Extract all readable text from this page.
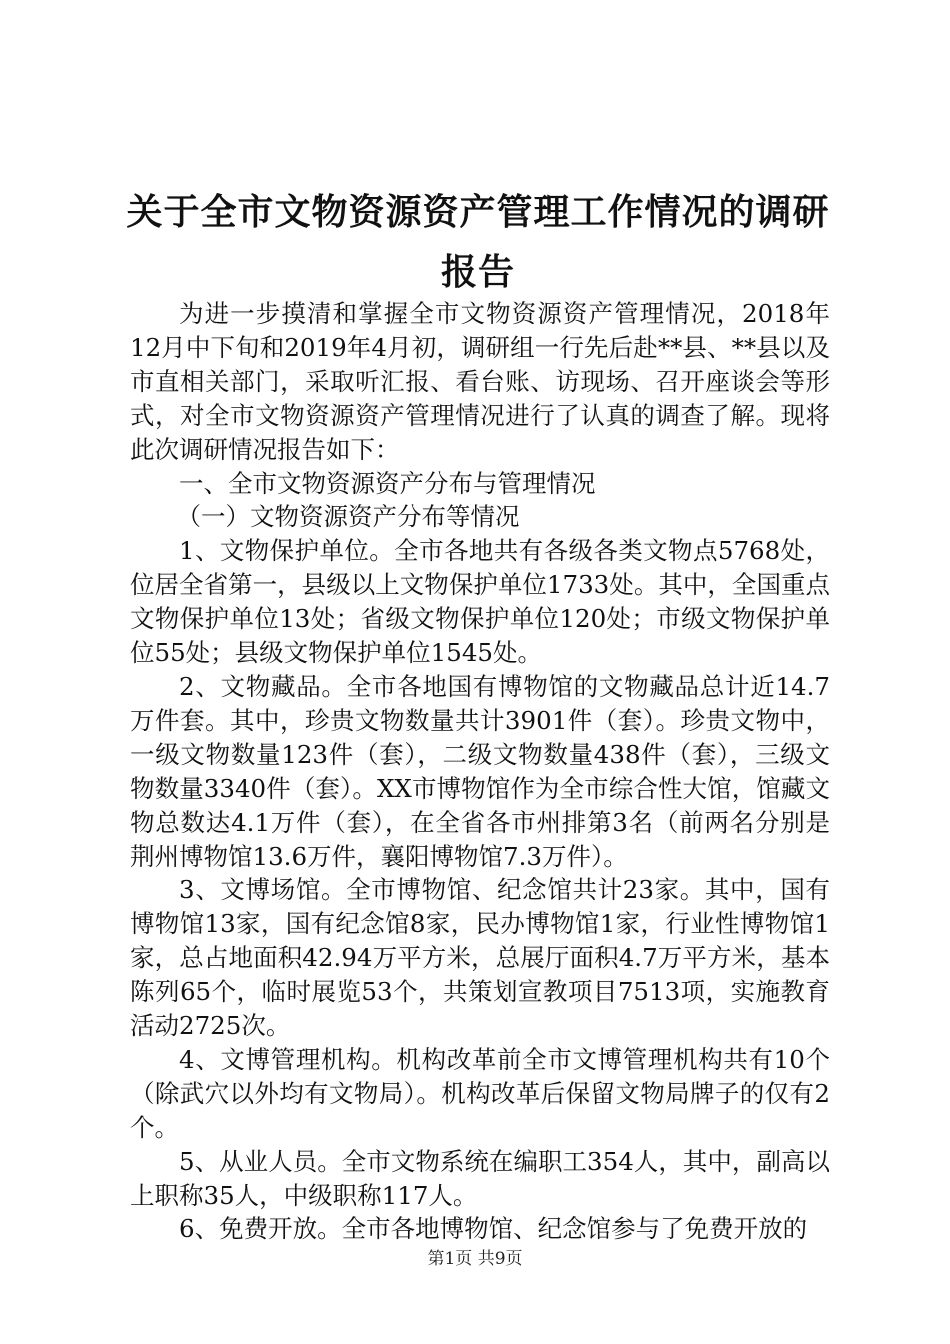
关于全市文物资源资产管理工作情况的调研报告

为进一步摸清和掌握全市文物资源资产管理情况，2018年12月中下旬和2019年4月初，调研组一行先后赴**县、**县以及市直相关部门，采取听汇报、看台账、访现场、召开座谈会等形式，对全市文物资源资产管理情况进行了认真的调查了解。现将此次调研情况报告如下：

一、全市文物资源资产分布与管理情况

（一）文物资源资产分布等情况

1、文物保护单位。全市各地共有各级各类文物点5768处，位居全省第一，县级以上文物保护单位1733处。其中，全国重点文物保护单位13处；省级文物保护单位120处；市级文物保护单位55处；县级文物保护单位1545处。

2、文物藏品。全市各地国有博物馆的文物藏品总计近14.7万件套。其中，珍贵文物数量共计3901件（套）。珍贵文物中，一级文物数量123件（套），二级文物数量438件（套），三级文物数量3340件（套）。XX市博物馆作为全市综合性大馆，馆藏文物总数达4.1万件（套），在全省各市州排第3名（前两名分别是荆州博物馆13.6万件，襄阳博物馆7.3万件）。

3、文博场馆。全市博物馆、纪念馆共计23家。其中，国有博物馆13家，国有纪念馆8家，民办博物馆1家，行业性博物馆1家，总占地面积42.94万平方米，总展厅面积4.7万平方米，基本陈列65个，临时展览53个，共策划宣教项目7513项，实施教育活动2725次。

4、文博管理机构。机构改革前全市文博管理机构共有10个（除武穴以外均有文物局）。机构改革后保留文物局牌子的仅有2个。

5、从业人员。全市文物系统在编职工354人，其中，副高以上职称35人，中级职称117人。

6、免费开放。全市各地博物馆、纪念馆参与了免费开放的

第1页 共9页
